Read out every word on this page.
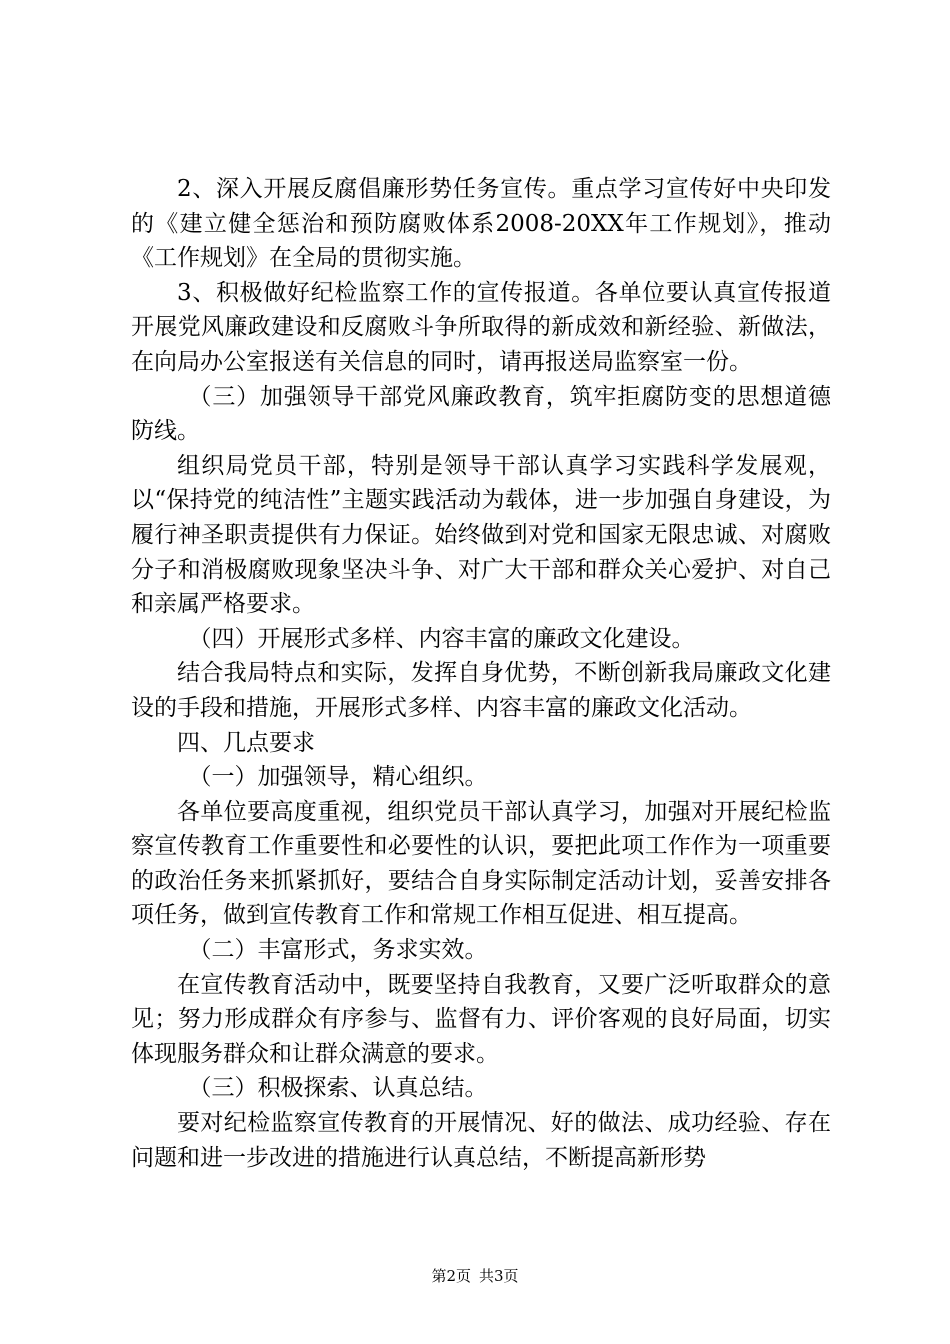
2、深入开展反腐倡廉形势任务宣传。重点学习宣传好中央印发的《建立健全惩治和预防腐败体系2008-20XX年工作规划》，推动《工作规划》在全局的贯彻实施。

3、积极做好纪检监察工作的宣传报道。各单位要认真宣传报道开展党风廉政建设和反腐败斗争所取得的新成效和新经验、新做法，在向局办公室报送有关信息的同时，请再报送局监察室一份。

（三）加强领导干部党风廉政教育，筑牢拒腐防变的思想道德防线。

组织局党员干部，特别是领导干部认真学习实践科学发展观，以“保持党的纯洁性”主题实践活动为载体，进一步加强自身建设，为履行神圣职责提供有力保证。始终做到对党和国家无限忠诚、对腐败分子和消极腐败现象坚决斗争、对广大干部和群众关心爱护、对自己和亲属严格要求。

（四）开展形式多样、内容丰富的廉政文化建设。

结合我局特点和实际，发挥自身优势，不断创新我局廉政文化建设的手段和措施，开展形式多样、内容丰富的廉政文化活动。

四、几点要求

（一）加强领导，精心组织。

各单位要高度重视，组织党员干部认真学习，加强对开展纪检监察宣传教育工作重要性和必要性的认识，要把此项工作作为一项重要的政治任务来抓紧抓好，要结合自身实际制定活动计划，妥善安排各项任务，做到宣传教育工作和常规工作相互促进、相互提高。

（二）丰富形式，务求实效。

在宣传教育活动中，既要坚持自我教育，又要广泛听取群众的意见；努力形成群众有序参与、监督有力、评价客观的良好局面，切实体现服务群众和让群众满意的要求。

（三）积极探索、认真总结。

要对纪检监察宣传教育的开展情况、好的做法、成功经验、存在问题和进一步改进的措施进行认真总结，不断提高新形势

第2页 共3页
